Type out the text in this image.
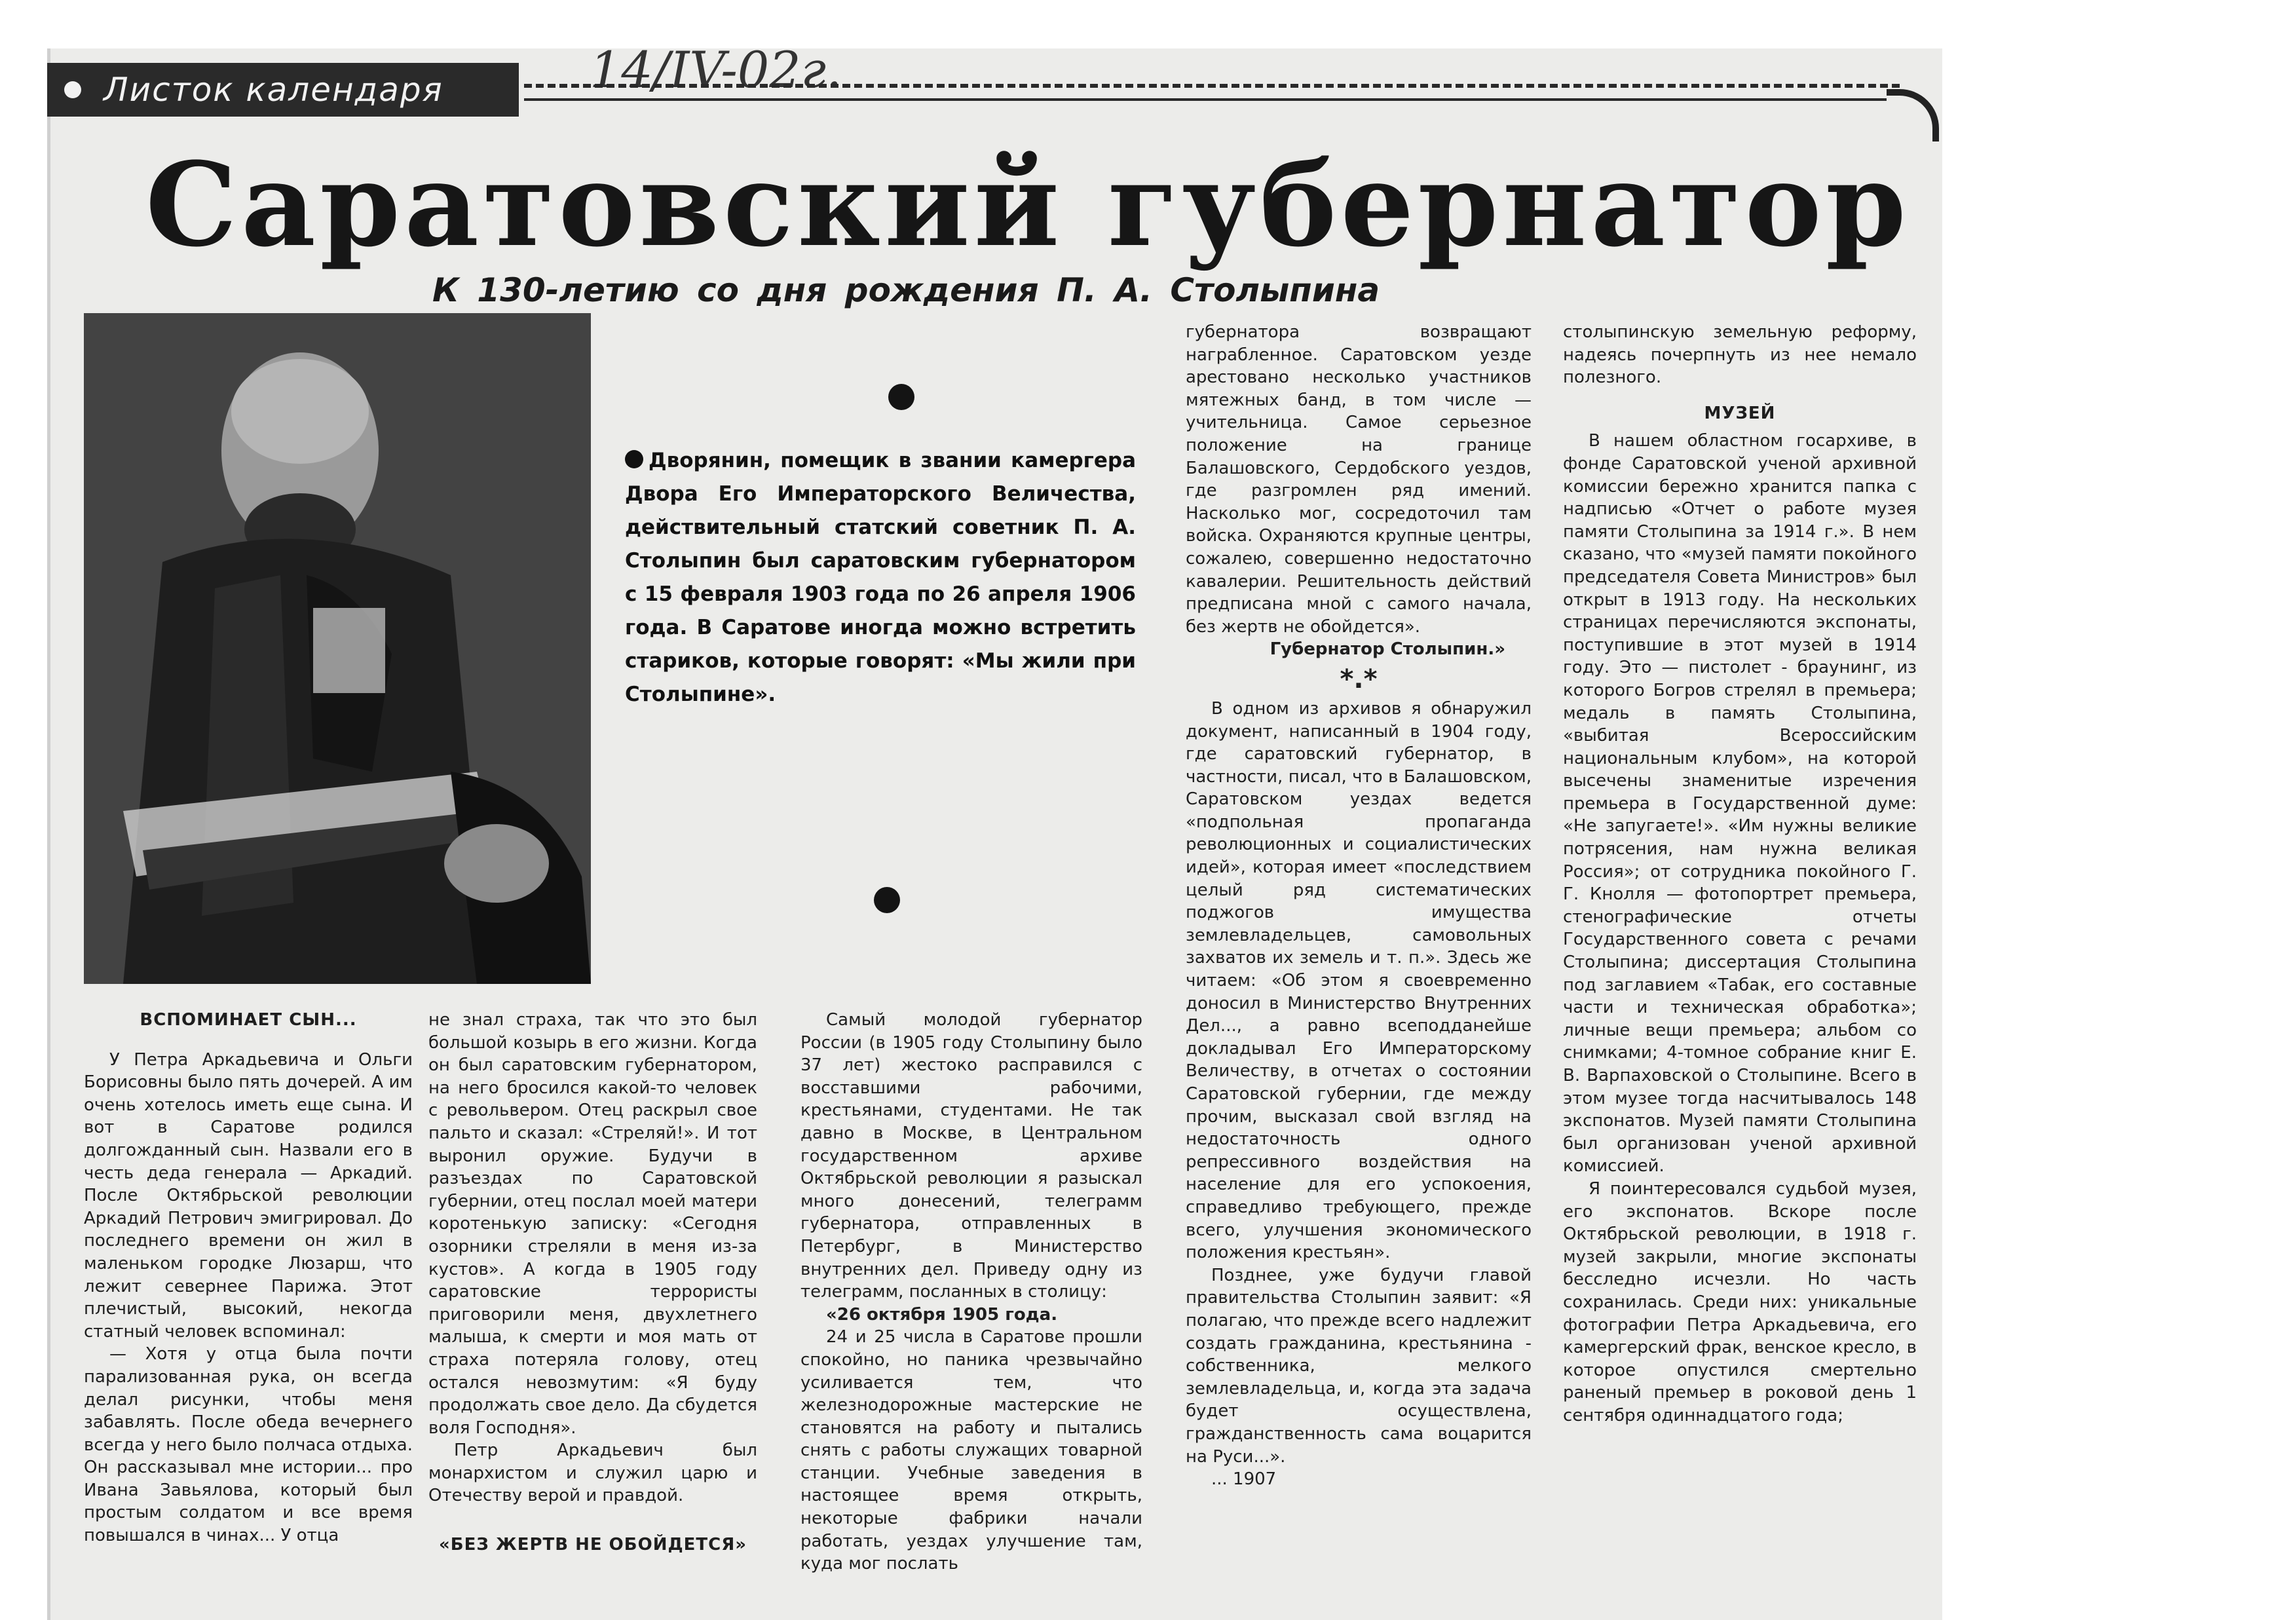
14/IV-02г.
Листок календаря
Саратовский губернатор
К 130-летию со дня рождения П. А. Столыпина
Дворянин, помещик в звании камергера Двора Его Императорского Величества, действительный статский советник П. А. Столыпин был саратовским губернатором с 15 февраля 1903 года по 26 апреля 1906 года. В Саратове иногда можно встретить стариков, которые говорят: «Мы жили при Столыпине».

ВСПОМИНАЕТ СЫН...

У Петра Аркадьевича и Ольги Борисовны было пять дочерей. А им очень хотелось иметь еще сына. И вот в Саратове родился долгожданный сын. Назвали его в честь деда генерала — Аркадий. После Октябрьской революции Аркадий Петрович эмигрировал. До последнего времени он жил в маленьком городке Люзарш, что лежит севернее Парижа. Этот плечистый, высокий, некогда статный человек вспоминал:

— Хотя у отца была почти парализованная рука, он всегда делал рисунки, чтобы меня забавлять. После обеда вечернего всегда у него было полчаса отдыха. Он рассказывал мне истории... про Ивана Завьялова, который был простым солдатом и все время повышался в чинах... У отца

не знал страха, так что это был большой козырь в его жизни. Когда он был саратовским губернатором, на него бросился какой-то человек с револьвером. Отец раскрыл свое пальто и сказал: «Стреляй!». И тот выронил оружие. Будучи в разъездах по Саратовской губернии, отец послал моей матери коротенькую записку: «Сегодня озорники стреляли в меня из-за кустов». А когда в 1905 году саратовские террористы приговорили меня, двухлетнего малыша, к смерти и моя мать от страха потеряла голову, отец остался невозмутим: «Я буду продолжать свое дело. Да сбудется воля Господня».

Петр Аркадьевич был монархистом и служил царю и Отечеству верой и правдой.

«БЕЗ ЖЕРТВ НЕ ОБОЙДЕТСЯ»

Самый молодой губернатор России (в 1905 году Столыпину было 37 лет) жестоко расправился с восставшими рабочими, крестьянами, студентами. Не так давно в Москве, в Центральном государственном архиве Октябрьской революции я разыскал много донесений, телеграмм губернатора, отправленных в Петербург, в Министерство внутренних дел. Приведу одну из телеграмм, посланных в столицу:

«26 октября 1905 года.

24 и 25 числа в Саратове прошли спокойно, но паника чрезвычайно усиливается тем, что железнодорожные мастерские не становятся на работу и пытались снять с работы служащих товарной станции. Учебные заведения в настоящее время открыть, некоторые фабрики начали работать, уездах улучшение там, куда мог послать

губернатора возвращают награбленное. Саратовском уезде арестовано несколько участников мятежных банд, в том числе — учительница. Самое серьезное положение на границе Балашовского, Сердобского уездов, где разгромлен ряд имений. Насколько мог, сосредоточил там войска. Охраняются крупные центры, сожалею, совершенно недостаточно кавалерии. Решительность действий предписана мной с самого начала, без жертв не обойдется».

Губернатор Столыпин.»

*.*

В одном из архивов я обнаружил документ, написанный в 1904 году, где саратовский губернатор, в частности, писал, что в Балашовском, Саратовском уездах ведется «подпольная пропаганда революционных и социалистических идей», которая имеет «последствием целый ряд систематических поджогов имущества землевладельцев, самовольных захватов их земель и т. п.». Здесь же читаем: «Об этом я своевременно доносил в Министерство Внутренних Дел..., а равно всеподданейше докладывал Его Императорскому Величеству, в отчетах о состоянии Саратовской губернии, где между прочим, высказал свой взгляд на недостаточность одного репрессивного воздействия на население для его успокоения, справедливо требующего, прежде всего, улучшения экономического положения крестьян».

Позднее, уже будучи главой правительства Столыпин заявит: «Я полагаю, что прежде всего надлежит создать гражданина, крестьянина - собственника, мелкого землевладельца, и, когда эта задача будет осуществлена, гражданственность сама воцарится на Руси...».

... 1907

столыпинскую земельную реформу, надеясь почерпнуть из нее немало полезного.

МУЗЕЙ

В нашем областном госархиве, в фонде Саратовской ученой архивной комиссии бережно хранится папка с надписью «Отчет о работе музея памяти Столыпина за 1914 г.». В нем сказано, что «музей памяти покойного председателя Совета Министров» был открыт в 1913 году. На нескольких страницах перечисляются экспонаты, поступившие в этот музей в 1914 году. Это — пистолет - браунинг, из которого Богров стрелял в премьера; медаль в память Столыпина, «выбитая Всероссийским национальным клубом», на которой высечены знаменитые изречения премьера в Государственной думе: «Не запугаете!». «Им нужны великие потрясения, нам нужна великая Россия»; от сотрудника покойного Г. Г. Кнолля — фотопортрет премьера, стенографические отчеты Государственного совета с речами Столыпина; диссертация Столыпина под заглавием «Табак, его составные части и техническая обработка»; личные вещи премьера; альбом со снимками; 4-томное собрание книг Е. В. Варпаховской о Столыпине. Всего в этом музее тогда насчитывалось 148 экспонатов. Музей памяти Столыпина был организован ученой архивной комиссией.

Я поинтересовался судьбой музея, его экспонатов. Вскоре после Октябрьской революции, в 1918 г. музей закрыли, многие экспонаты бесследно исчезли. Но часть сохранилась. Среди них: уникальные фотографии Петра Аркадьевича, его камергерский фрак, венское кресло, в которое опустился смертельно раненый премьер в роковой день 1 сентября одиннадцатого года;
